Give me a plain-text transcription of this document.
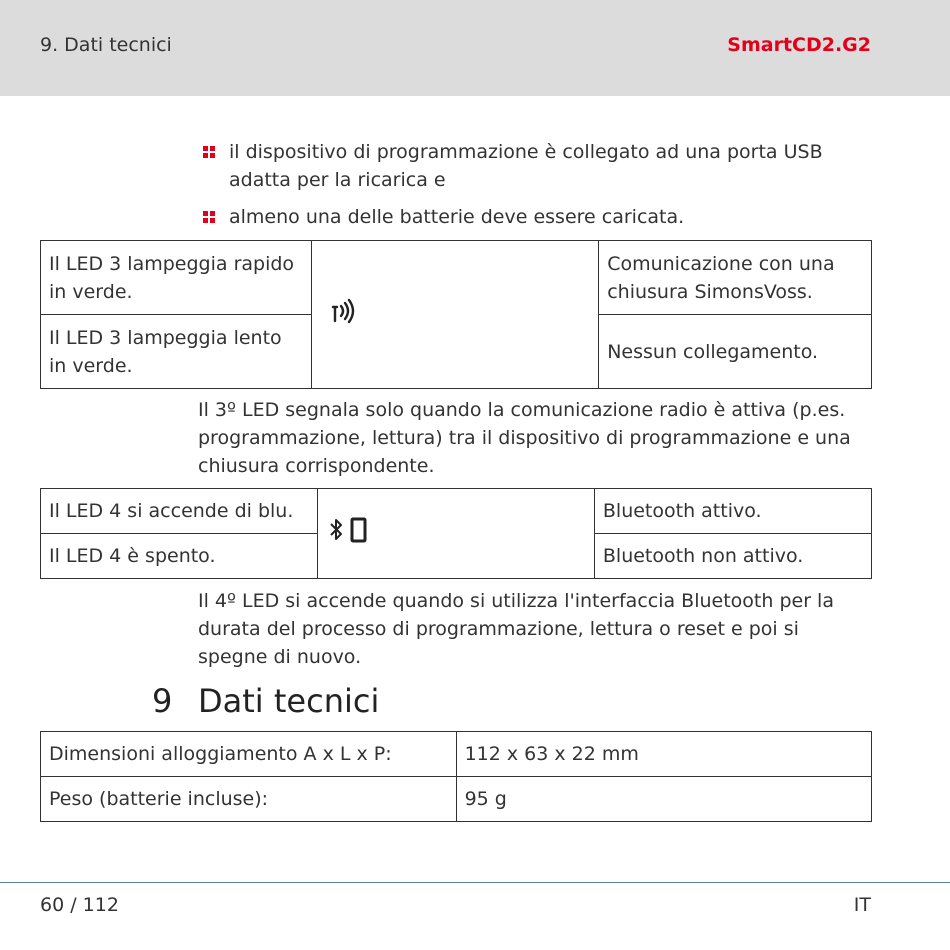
9. Dati tecnici	SmartCD2.G2
il dispositivo di programmazione è collegato ad una porta USB adatta per la ricarica e
almeno una delle batterie deve essere caricata.
Il LED 3 lampeggia rapido in verde.		Comunicazione con una chiusura SimonsVoss.
Il LED 3 lampeggia lento in verde.		Nessun collegamento.
Il 3º LED segnala solo quando la comunicazione radio è attiva (p.es. programmazione, lettura) tra il dispositivo di programmazione e una chiusura corrispondente.
Il LED 4 si accende di blu.		Bluetooth attivo.
Il LED 4 è spento.		Bluetooth non attivo.
Il 4º LED si accende quando si utilizza l'interfaccia Bluetooth per la durata del processo di programmazione, lettura o reset e poi si spegne di nuovo.
9 Dati tecnici
Dimensioni alloggiamento A x L x P:	112 x 63 x 22 mm
Peso (batterie incluse):	95 g
60 / 112	IT
